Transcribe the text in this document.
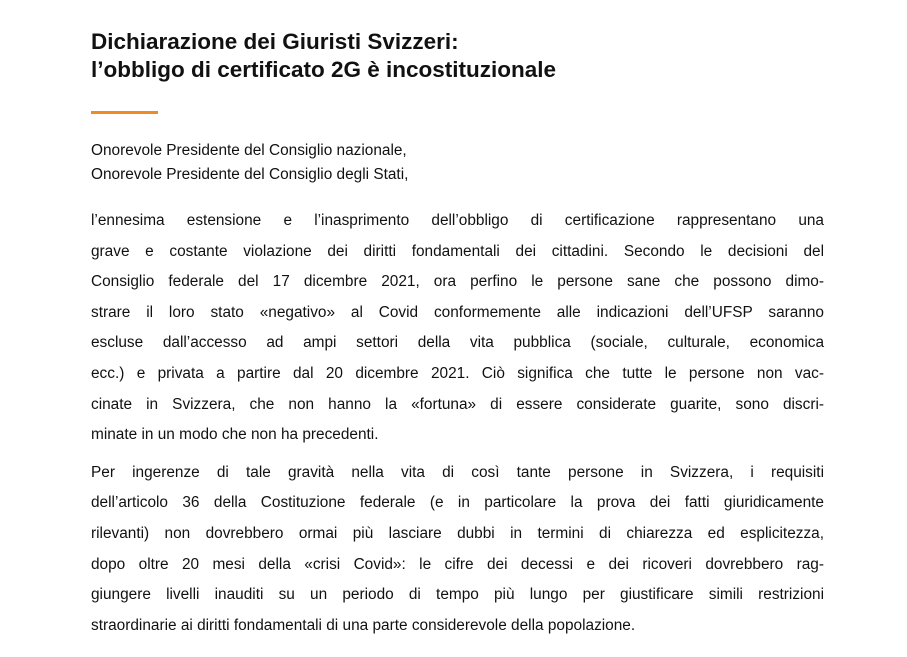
Dichiarazione dei Giuristi Svizzeri:
l’obbligo di certificato 2G è incostituzionale
Onorevole Presidente del Consiglio nazionale,
Onorevole Presidente del Consiglio degli Stati,
l’ennesima estensione e l’inasprimento dell’obbligo di certificazione rappresentano una
grave e costante violazione dei diritti fondamentali dei cittadini. Secondo le decisioni del
Consiglio federale del 17 dicembre 2021, ora perfino le persone sane che possono dimo-
strare il loro stato «negativo» al Covid conformemente alle indicazioni dell’UFSP saranno
escluse dall’accesso ad ampi settori della vita pubblica (sociale, culturale, economica
ecc.) e privata a partire dal 20 dicembre 2021. Ciò significa che tutte le persone non vac-
cinate in Svizzera, che non hanno la «fortuna» di essere considerate guarite, sono discri-
minate in un modo che non ha precedenti.
Per ingerenze di tale gravità nella vita di così tante persone in Svizzera, i requisiti
dell’articolo 36 della Costituzione federale (e in particolare la prova dei fatti giuridicamente
rilevanti) non dovrebbero ormai più lasciare dubbi in termini di chiarezza ed esplicitezza,
dopo oltre 20 mesi della «crisi Covid»: le cifre dei decessi e dei ricoveri dovrebbero rag-
giungere livelli inauditi su un periodo di tempo più lungo per giustificare simili restrizioni
straordinarie ai diritti fondamentali di una parte considerevole della popolazione.
